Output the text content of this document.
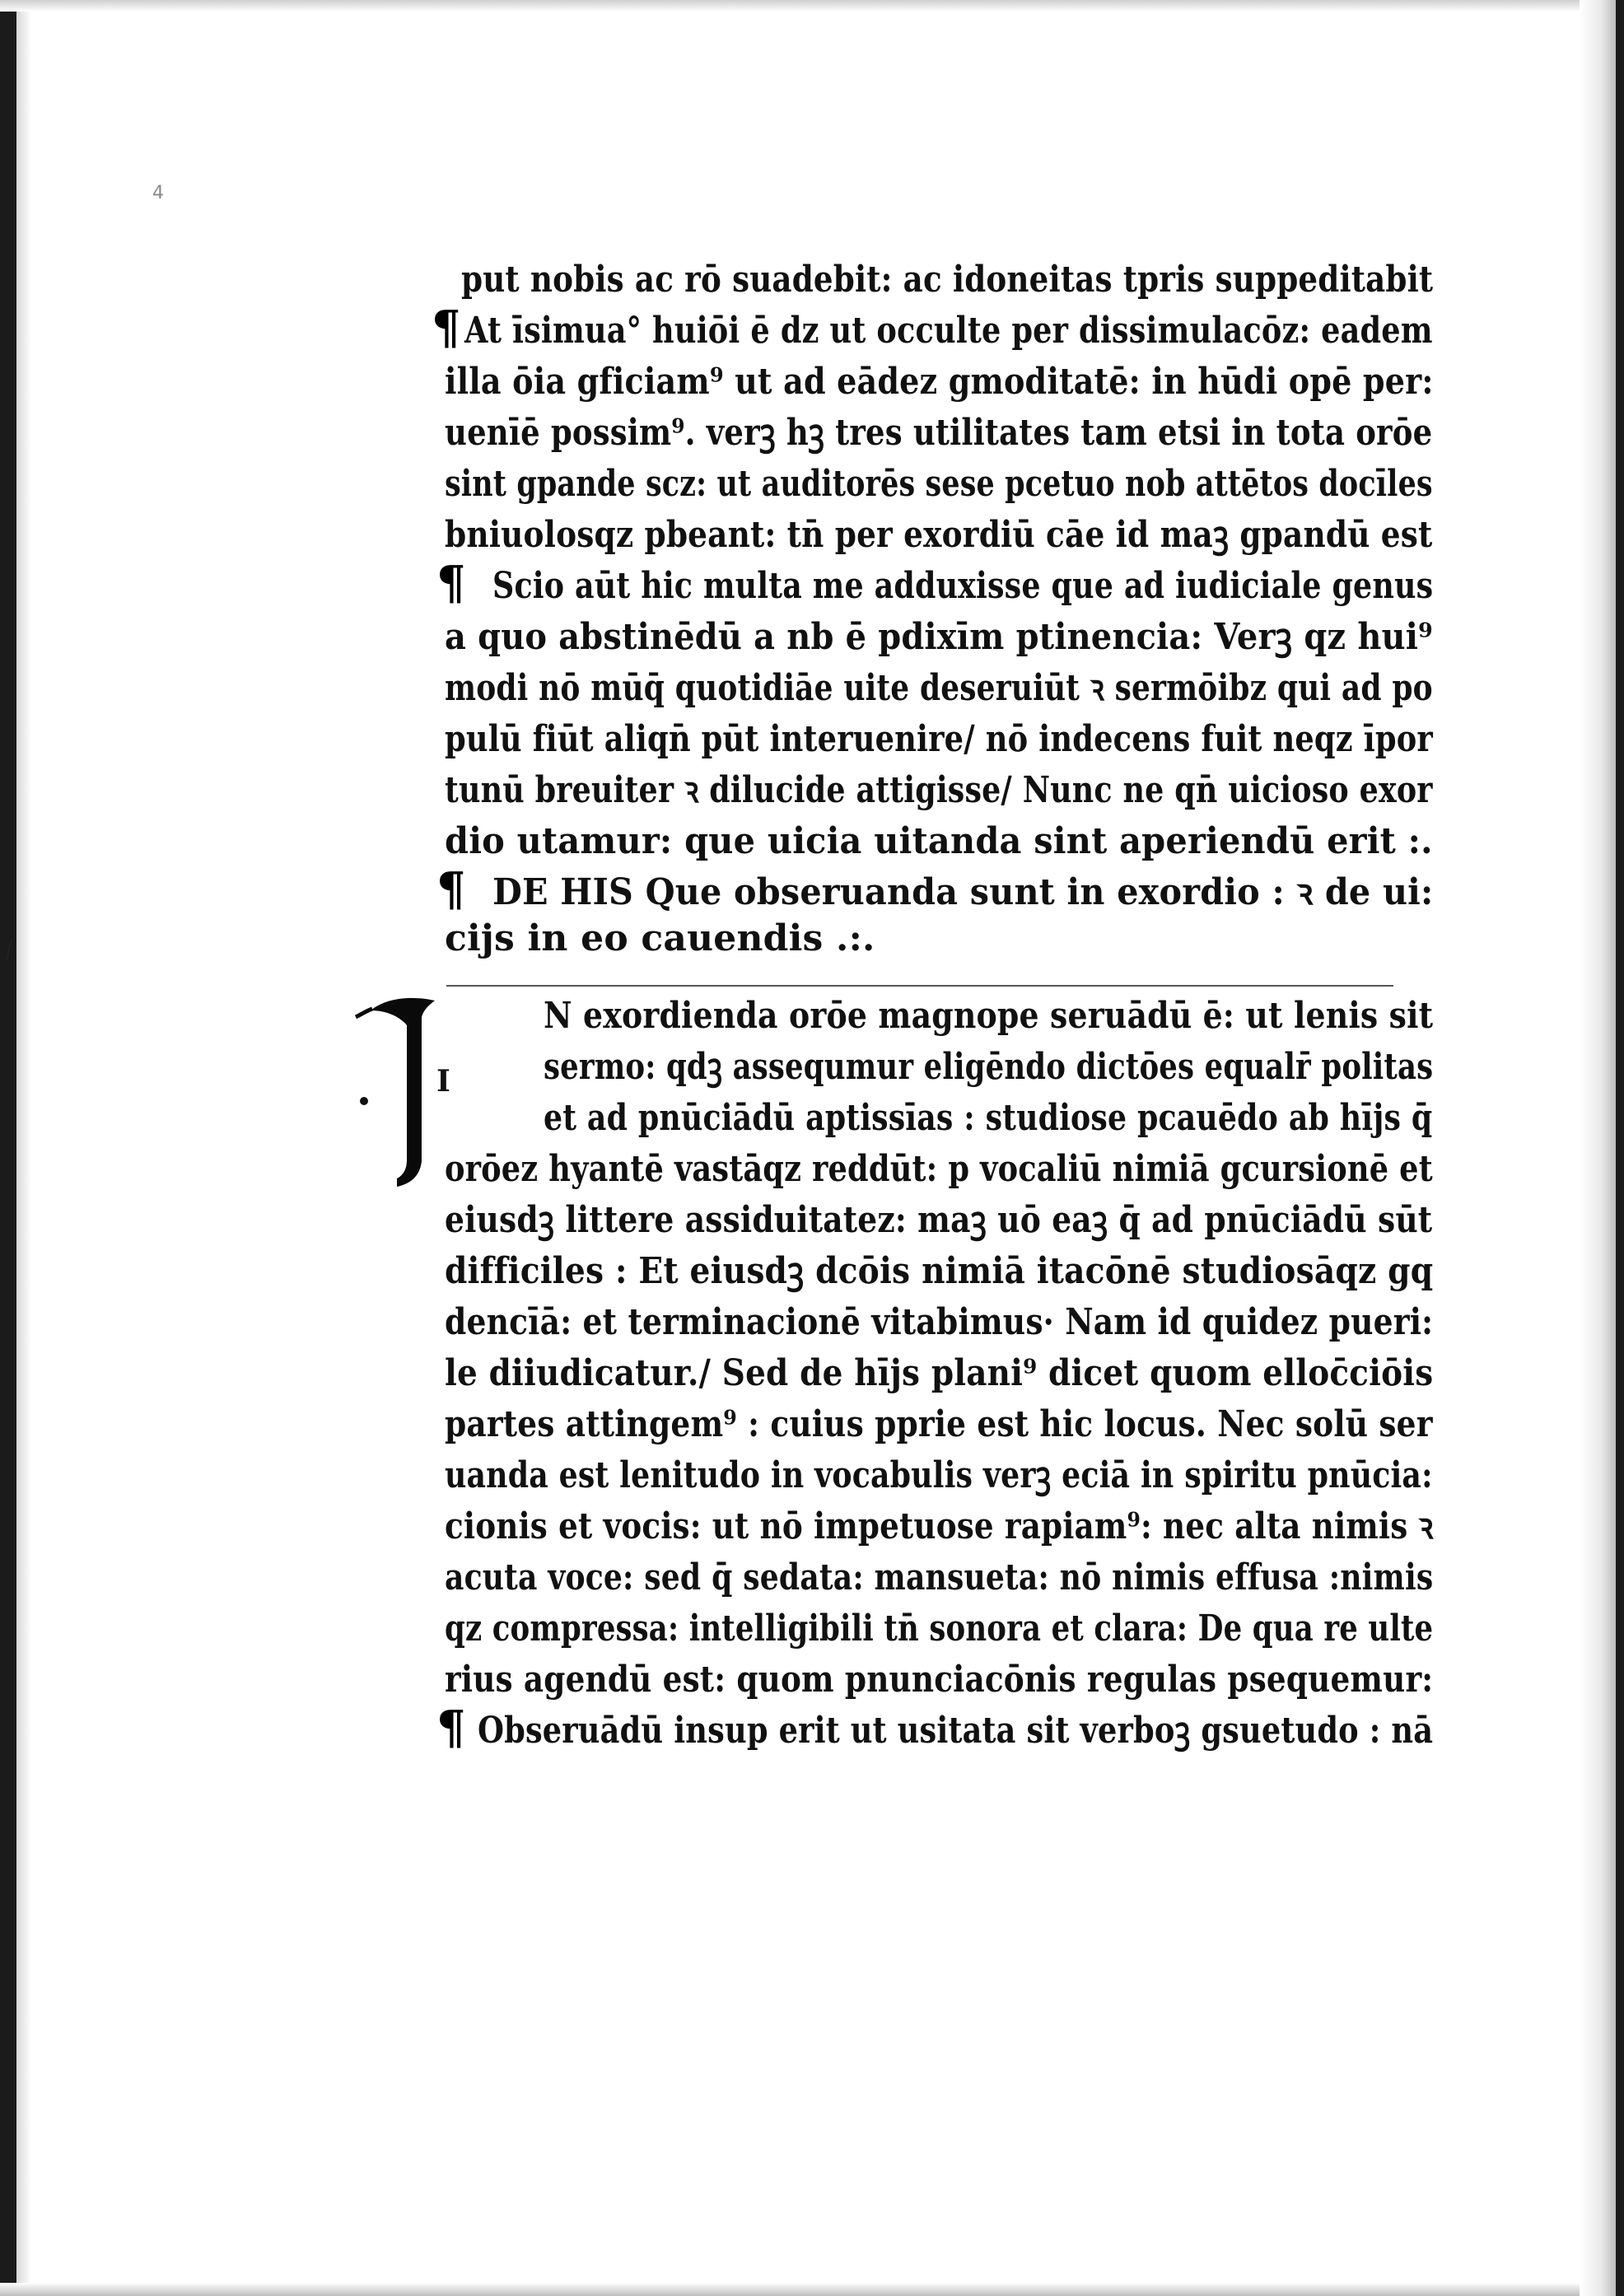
4
put nobis ac rō suadebit: ac idoneitas tpris suppeditabit
¶ At īsimua° huiōi ē dz ut occulte per dissimulacōz: eadem
illa ōia gficiam⁹ ut ad eādez gmoditatē: in hūdi opē per:
uenīē possim⁹. verꝫ hꝫ tres utilitates tam etsi in tota orōe
sint gpande scz: ut auditorēs sese pcetuo nob attētos docīles
bniuolosqz pbeant: tn̄ per exordiū cāe id maꝫ gpandū est
¶ Scio aūt hic multa me adduxisse que ad iudiciale genus
a quo abstinēdū a nb ē pdixīm ptinencia: Verꝫ qz hui⁹
modi nō mūq̄ quotidiāe uite deseruiūt ꝛ sermōibz qui ad po
pulū fiūt aliqn̄ pūt interuenire/ nō indecens fuit neqz īpor
tunū breuiter ꝛ dilucide attigisse/ Nunc ne qn̄ uicioso exor
dio utamur: que uicia uitanda sint aperiendū erit :.
¶ DE HIS Que obseruanda sunt in exordio : ꝛ de ui:
cijs in eo cauendis .:.
I
N exordienda orōe magnope seruādū ē: ut lenis sit
sermo: qdꝫ assequmur eligēndo dictōes equalr̄ politas
et ad pnūciādū aptissīas : studiose pcauēdo ab hījs q̄
orōez hyantē vastāqz reddūt: p vocaliū nimiā gcursionē et
eiusdꝫ littere assiduitatez: maꝫ uō eaꝫ q̄ ad pnūciādū sūt
difficiles : Et eiusdꝫ dcōis nimiā itacōnē studiosāqz gq
dencīā: et terminacionē vitabimus· Nam id quidez pueri:
le diiudicatur./ Sed de hījs plani⁹ dicet quom elloc̄ciōis
partes attingem⁹ : cuius pprie est hic locus. Nec solū ser
uanda est lenitudo in vocabulis verꝫ eciā in spiritu pnūcia:
cionis et vocis: ut nō impetuose rapiam⁹: nec alta nimis ꝛ
acuta voce: sed q̄ sedata: mansueta: nō nimis effusa :nimis
qz compressa: intelligibili tn̄ sonora et clara: De qua re ulte
rius agendū est: quom pnunciacōnis regulas psequemur:
¶ Obseruādū insup erit ut usitata sit verboꝫ gsuetudo : nā
